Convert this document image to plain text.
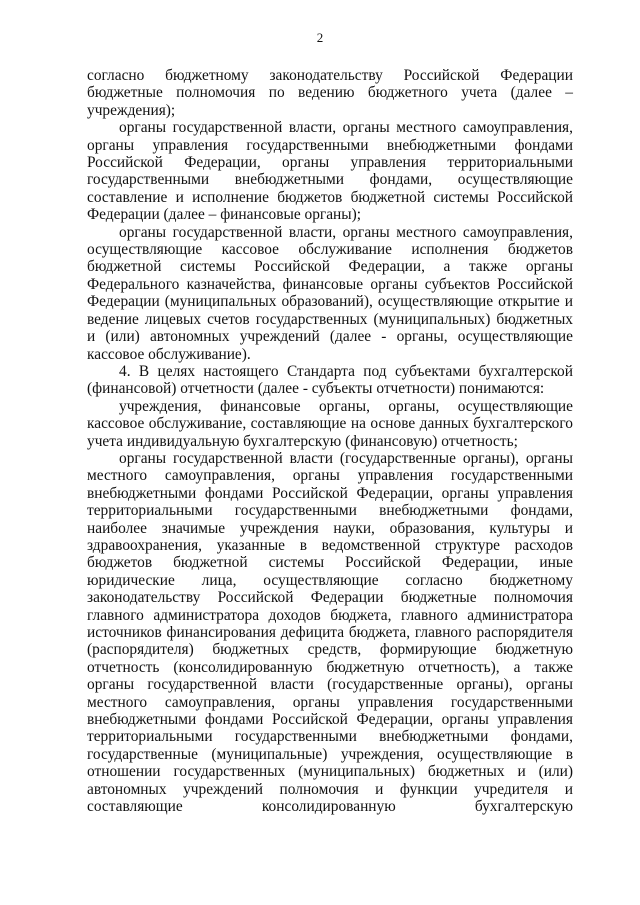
2

согласно бюджетному законодательству Российской Федерации бюджетные полномочия по ведению бюджетного учета (далее – учреждения);

органы государственной власти, органы местного самоуправления, органы управления государственными внебюджетными фондами Российской Федерации, органы управления территориальными государственными внебюджетными фондами, осуществляющие составление и исполнение бюджетов бюджетной системы Российской Федерации (далее – финансовые органы);

органы государственной власти, органы местного самоуправления, осуществляющие кассовое обслуживание исполнения бюджетов бюджетной системы Российской Федерации, а также органы Федерального казначейства, финансовые органы субъектов Российской Федерации (муниципальных образований), осуществляющие открытие и ведение лицевых счетов государственных (муниципальных) бюджетных и (или) автономных учреждений (далее - органы, осуществляющие кассовое обслуживание).

4. В целях настоящего Стандарта под субъектами бухгалтерской (финансовой) отчетности (далее - субъекты отчетности) понимаются:

учреждения, финансовые органы, органы, осуществляющие кассовое обслуживание, составляющие на основе данных бухгалтерского учета индивидуальную бухгалтерскую (финансовую) отчетность;

органы государственной власти (государственные органы), органы местного самоуправления, органы управления государственными внебюджетными фондами Российской Федерации, органы управления территориальными государственными внебюджетными фондами, наиболее значимые учреждения науки, образования, культуры и здравоохранения, указанные в ведомственной структуре расходов бюджетов бюджетной системы Российской Федерации, иные юридические лица, осуществляющие согласно бюджетному законодательству Российской Федерации бюджетные полномочия главного администратора доходов бюджета, главного администратора источников финансирования дефицита бюджета, главного распорядителя (распорядителя) бюджетных средств, формирующие бюджетную отчетность (консолидированную бюджетную отчетность), а также органы государственной власти (государственные органы), органы местного самоуправления, органы управления государственными внебюджетными фондами Российской Федерации, органы управления территориальными государственными внебюджетными фондами, государственные (муниципальные) учреждения, осуществляющие в отношении государственных (муниципальных) бюджетных и (или) автономных учреждений полномочия и функции учредителя и составляющие консолидированную бухгалтерскую
